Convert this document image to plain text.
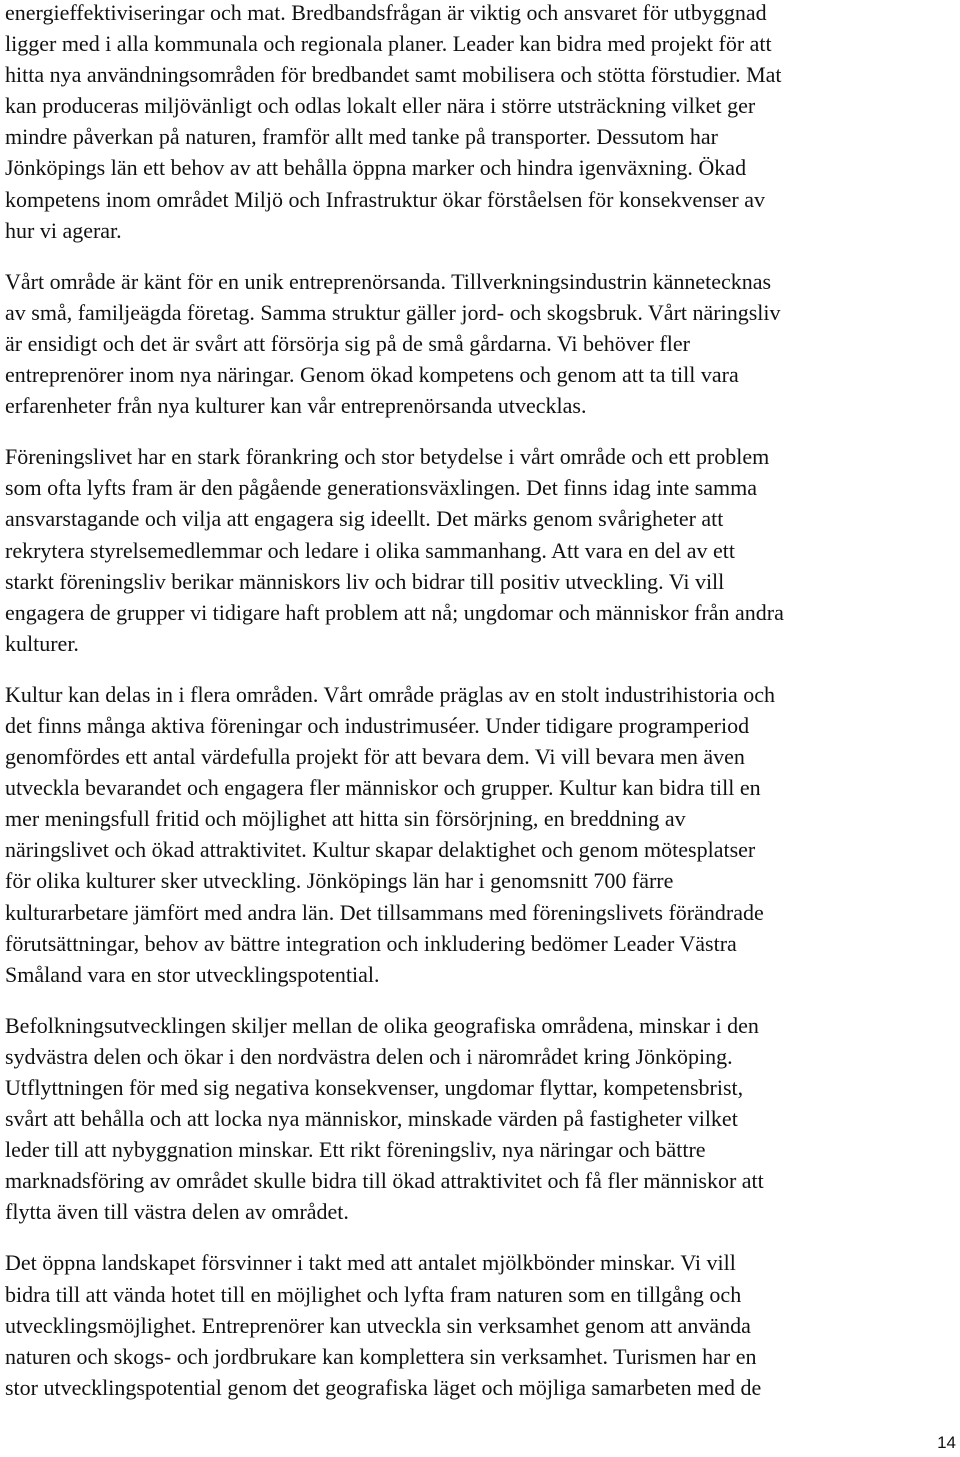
energieffektiviseringar och mat. Bredbandsfrågan är viktig och ansvaret för utbyggnad
ligger med i alla kommunala och regionala planer. Leader kan bidra med projekt för att
hitta nya användningsområden för bredbandet samt mobilisera och stötta förstudier. Mat
kan produceras miljövänligt och odlas lokalt eller nära i större utsträckning vilket ger
mindre påverkan på naturen, framför allt med tanke på transporter. Dessutom har
Jönköpings län ett behov av att behålla öppna marker och hindra igenväxning. Ökad
kompetens inom området Miljö och Infrastruktur ökar förståelsen för konsekvenser av
hur vi agerar.

Vårt område är känt för en unik entreprenörsanda. Tillverkningsindustrin kännetecknas
av små, familjeägda företag. Samma struktur gäller jord- och skogsbruk. Vårt näringsliv
är ensidigt och det är svårt att försörja sig på de små gårdarna. Vi behöver fler
entreprenörer inom nya näringar. Genom ökad kompetens och genom att ta till vara
erfarenheter från nya kulturer kan vår entreprenörsanda utvecklas.

Föreningslivet har en stark förankring och stor betydelse i vårt område och ett problem
som ofta lyfts fram är den pågående generationsväxlingen. Det finns idag inte samma
ansvarstagande och vilja att engagera sig ideellt. Det märks genom svårigheter att
rekrytera styrelsemedlemmar och ledare i olika sammanhang. Att vara en del av ett
starkt föreningsliv berikar människors liv och bidrar till positiv utveckling. Vi vill
engagera de grupper vi tidigare haft problem att nå; ungdomar och människor från andra
kulturer.

Kultur kan delas in i flera områden. Vårt område präglas av en stolt industrihistoria och
det finns många aktiva föreningar och industrimuséer. Under tidigare programperiod
genomfördes ett antal värdefulla projekt för att bevara dem. Vi vill bevara men även
utveckla bevarandet och engagera fler människor och grupper. Kultur kan bidra till en
mer meningsfull fritid och möjlighet att hitta sin försörjning, en breddning av
näringslivet och ökad attraktivitet. Kultur skapar delaktighet och genom mötesplatser
för olika kulturer sker utveckling. Jönköpings län har i genomsnitt 700 färre
kulturarbetare jämfört med andra län. Det tillsammans med föreningslivets förändrade
förutsättningar, behov av bättre integration och inkludering bedömer Leader Västra
Småland vara en stor utvecklingspotential.

Befolkningsutvecklingen skiljer mellan de olika geografiska områdena, minskar i den
sydvästra delen och ökar i den nordvästra delen och i närområdet kring Jönköping.
Utflyttningen för med sig negativa konsekvenser, ungdomar flyttar, kompetensbrist,
svårt att behålla och att locka nya människor, minskade värden på fastigheter vilket
leder till att nybyggnation minskar. Ett rikt föreningsliv, nya näringar och bättre
marknadsföring av området skulle bidra till ökad attraktivitet och få fler människor att
flytta även till västra delen av området.

Det öppna landskapet försvinner i takt med att antalet mjölkbönder minskar. Vi vill
bidra till att vända hotet till en möjlighet och lyfta fram naturen som en tillgång och
utvecklingsmöjlighet. Entreprenörer kan utveckla sin verksamhet genom att använda
naturen och skogs- och jordbrukare kan komplettera sin verksamhet. Turismen har en
stor utvecklingspotential genom det geografiska läget och möjliga samarbeten med de

14
